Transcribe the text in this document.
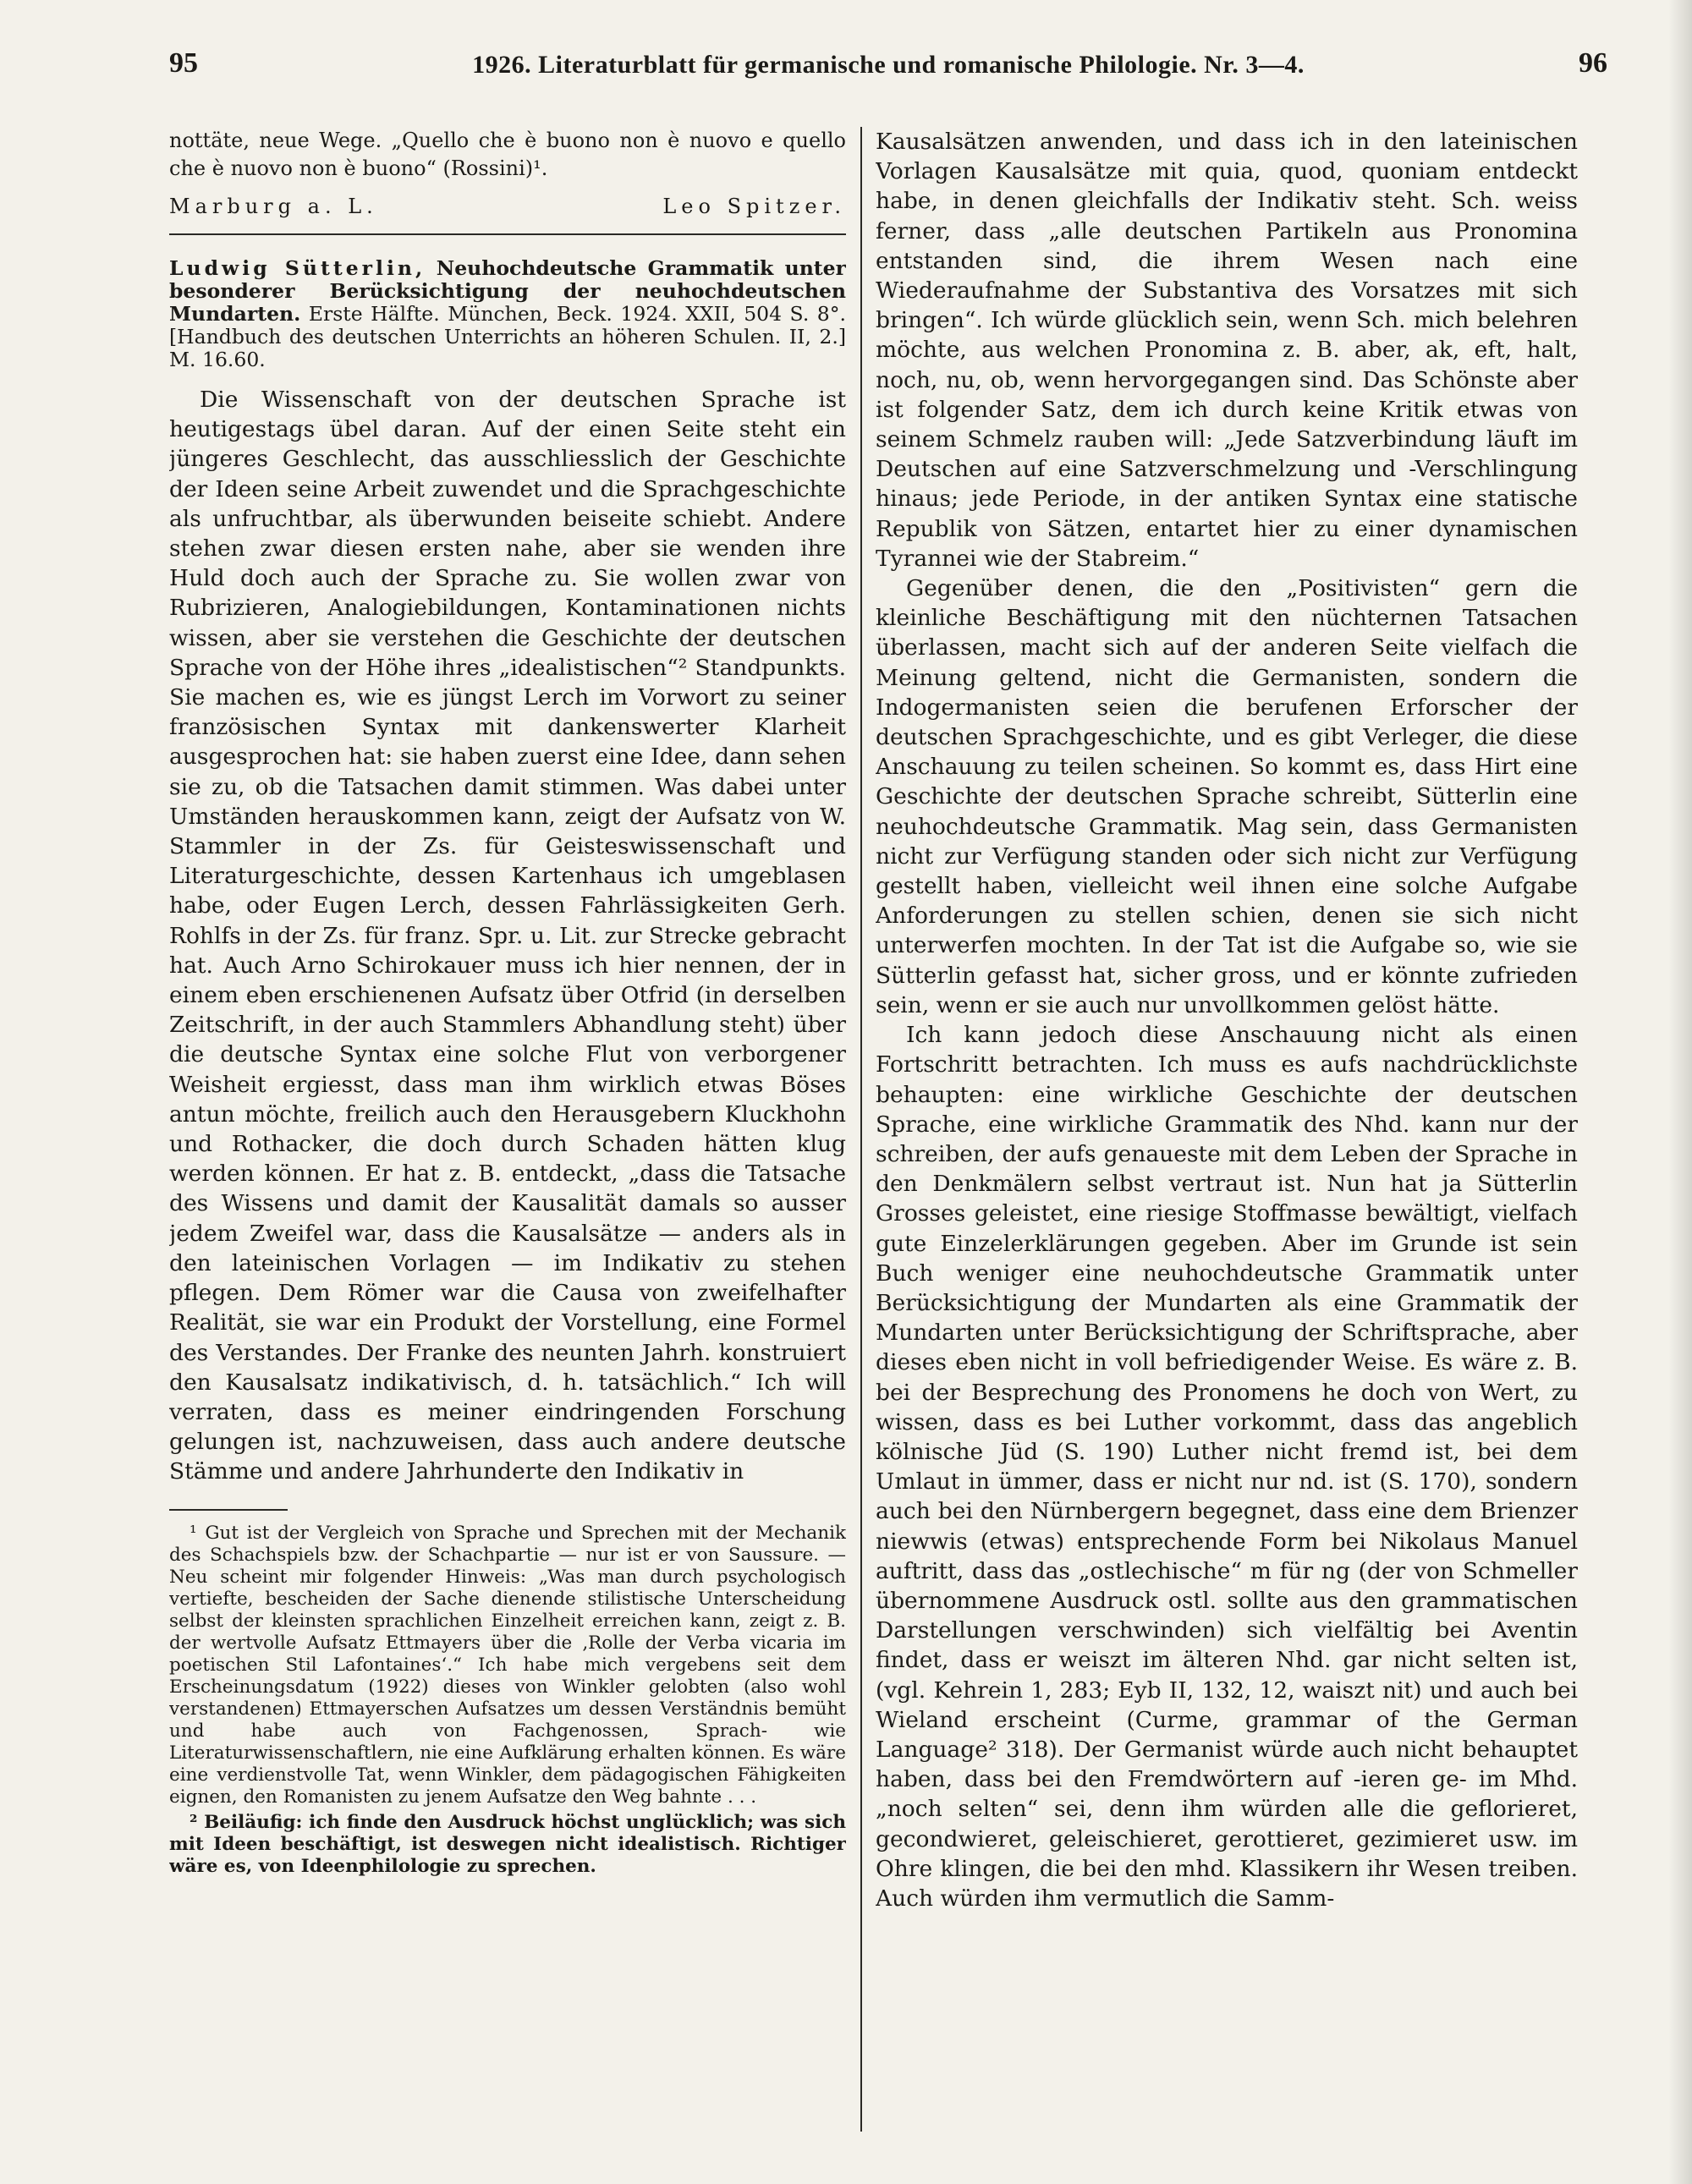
95	1926. Literaturblatt für germanische und romanische Philologie. Nr. 3—4.	96

nottäte, neue Wege. „Quello che è buono non è nuovo e quello che è nuovo non è buono“ (Rossini)¹.

Marburg a. L.	Leo Spitzer.
Ludwig Sütterlin, Neuhochdeutsche Grammatik unter besonderer Berücksichtigung der neuhochdeutschen Mundarten. Erste Hälfte. München, Beck. 1924. XXII, 504 S. 8°. [Handbuch des deutschen Unterrichts an höheren Schulen. II, 2.] M. 16.60.

Die Wissenschaft von der deutschen Sprache ist heutigestags übel daran. Auf der einen Seite steht ein jüngeres Geschlecht, das ausschliesslich der Geschichte der Ideen seine Arbeit zuwendet und die Sprachgeschichte als unfruchtbar, als überwunden beiseite schiebt. Andere stehen zwar diesen ersten nahe, aber sie wenden ihre Huld doch auch der Sprache zu. Sie wollen zwar von Rubrizieren, Analogiebildungen, Kontaminationen nichts wissen, aber sie verstehen die Geschichte der deutschen Sprache von der Höhe ihres „idealistischen“² Standpunkts. Sie machen es, wie es jüngst Lerch im Vorwort zu seiner französischen Syntax mit dankenswerter Klarheit ausgesprochen hat: sie haben zuerst eine Idee, dann sehen sie zu, ob die Tatsachen damit stimmen. Was dabei unter Umständen herauskommen kann, zeigt der Aufsatz von W. Stammler in der Zs. für Geisteswissenschaft und Literaturgeschichte, dessen Kartenhaus ich umgeblasen habe, oder Eugen Lerch, dessen Fahrlässigkeiten Gerh. Rohlfs in der Zs. für franz. Spr. u. Lit. zur Strecke gebracht hat. Auch Arno Schirokauer muss ich hier nennen, der in einem eben erschienenen Aufsatz über Otfrid (in derselben Zeitschrift, in der auch Stammlers Abhandlung steht) über die deutsche Syntax eine solche Flut von verborgener Weisheit ergiesst, dass man ihm wirklich etwas Böses antun möchte, freilich auch den Herausgebern Kluckhohn und Rothacker, die doch durch Schaden hätten klug werden können. Er hat z. B. entdeckt, „dass die Tatsache des Wissens und damit der Kausalität damals so ausser jedem Zweifel war, dass die Kausalsätze — anders als in den lateinischen Vorlagen — im Indikativ zu stehen pflegen. Dem Römer war die Causa von zweifelhafter Realität, sie war ein Produkt der Vorstellung, eine Formel des Verstandes. Der Franke des neunten Jahrh. konstruiert den Kausalsatz indikativisch, d. h. tatsächlich.“ Ich will verraten, dass es meiner eindringenden Forschung gelungen ist, nachzuweisen, dass auch andere deutsche Stämme und andere Jahrhunderte den Indikativ in

¹ Gut ist der Vergleich von Sprache und Sprechen mit der Mechanik des Schachspiels bzw. der Schachpartie — nur ist er von Saussure. — Neu scheint mir folgender Hinweis: „Was man durch psychologisch vertiefte, bescheiden der Sache dienende stilistische Unterscheidung selbst der kleinsten sprachlichen Einzelheit erreichen kann, zeigt z. B. der wertvolle Aufsatz Ettmayers über die ‚Rolle der Verba vicaria im poetischen Stil Lafontaines‘.“ Ich habe mich vergebens seit dem Erscheinungsdatum (1922) dieses von Winkler gelobten (also wohl verstandenen) Ettmayerschen Aufsatzes um dessen Verständnis bemüht und habe auch von Fachgenossen, Sprach- wie Literaturwissenschaftlern, nie eine Aufklärung erhalten können. Es wäre eine verdienstvolle Tat, wenn Winkler, dem pädagogischen Fähigkeiten eignen, den Romanisten zu jenem Aufsatze den Weg bahnte . . .

² Beiläufig: ich finde den Ausdruck höchst unglücklich; was sich mit Ideen beschäftigt, ist deswegen nicht idealistisch. Richtiger wäre es, von Ideenphilologie zu sprechen.

Kausalsätzen anwenden, und dass ich in den lateinischen Vorlagen Kausalsätze mit quia, quod, quoniam entdeckt habe, in denen gleichfalls der Indikativ steht. Sch. weiss ferner, dass „alle deutschen Partikeln aus Pronomina entstanden sind, die ihrem Wesen nach eine Wiederaufnahme der Substantiva des Vorsatzes mit sich bringen“. Ich würde glücklich sein, wenn Sch. mich belehren möchte, aus welchen Pronomina z. B. aber, ak, eft, halt, noch, nu, ob, wenn hervorgegangen sind. Das Schönste aber ist folgender Satz, dem ich durch keine Kritik etwas von seinem Schmelz rauben will: „Jede Satzverbindung läuft im Deutschen auf eine Satzverschmelzung und -Verschlingung hinaus; jede Periode, in der antiken Syntax eine statische Republik von Sätzen, entartet hier zu einer dynamischen Tyrannei wie der Stabreim.“

Gegenüber denen, die den „Positivisten“ gern die kleinliche Beschäftigung mit den nüchternen Tatsachen überlassen, macht sich auf der anderen Seite vielfach die Meinung geltend, nicht die Germanisten, sondern die Indogermanisten seien die berufenen Erforscher der deutschen Sprachgeschichte, und es gibt Verleger, die diese Anschauung zu teilen scheinen. So kommt es, dass Hirt eine Geschichte der deutschen Sprache schreibt, Sütterlin eine neuhochdeutsche Grammatik. Mag sein, dass Germanisten nicht zur Verfügung standen oder sich nicht zur Verfügung gestellt haben, vielleicht weil ihnen eine solche Aufgabe Anforderungen zu stellen schien, denen sie sich nicht unterwerfen mochten. In der Tat ist die Aufgabe so, wie sie Sütterlin gefasst hat, sicher gross, und er könnte zufrieden sein, wenn er sie auch nur unvollkommen gelöst hätte.

Ich kann jedoch diese Anschauung nicht als einen Fortschritt betrachten. Ich muss es aufs nachdrücklichste behaupten: eine wirkliche Geschichte der deutschen Sprache, eine wirkliche Grammatik des Nhd. kann nur der schreiben, der aufs genaueste mit dem Leben der Sprache in den Denkmälern selbst vertraut ist. Nun hat ja Sütterlin Grosses geleistet, eine riesige Stoffmasse bewältigt, vielfach gute Einzelerklärungen gegeben. Aber im Grunde ist sein Buch weniger eine neuhochdeutsche Grammatik unter Berücksichtigung der Mundarten als eine Grammatik der Mundarten unter Berücksichtigung der Schriftsprache, aber dieses eben nicht in voll befriedigender Weise. Es wäre z. B. bei der Besprechung des Pronomens he doch von Wert, zu wissen, dass es bei Luther vorkommt, dass das angeblich kölnische Jüd (S. 190) Luther nicht fremd ist, bei dem Umlaut in ümmer, dass er nicht nur nd. ist (S. 170), sondern auch bei den Nürnbergern begegnet, dass eine dem Brienzer niewwis (etwas) entsprechende Form bei Nikolaus Manuel auftritt, dass das „ostlechische“ m für ng (der von Schmeller übernommene Ausdruck ostl. sollte aus den grammatischen Darstellungen verschwinden) sich vielfältig bei Aventin findet, dass er weiszt im älteren Nhd. gar nicht selten ist, (vgl. Kehrein 1, 283; Eyb II, 132, 12, waiszt nit) und auch bei Wieland erscheint (Curme, grammar of the German Language² 318). Der Germanist würde auch nicht behauptet haben, dass bei den Fremdwörtern auf -ieren ge- im Mhd. „noch selten“ sei, denn ihm würden alle die geflorieret, gecondwieret, geleischieret, gerottieret, gezimieret usw. im Ohre klingen, die bei den mhd. Klassikern ihr Wesen treiben. Auch würden ihm vermutlich die Samm-
